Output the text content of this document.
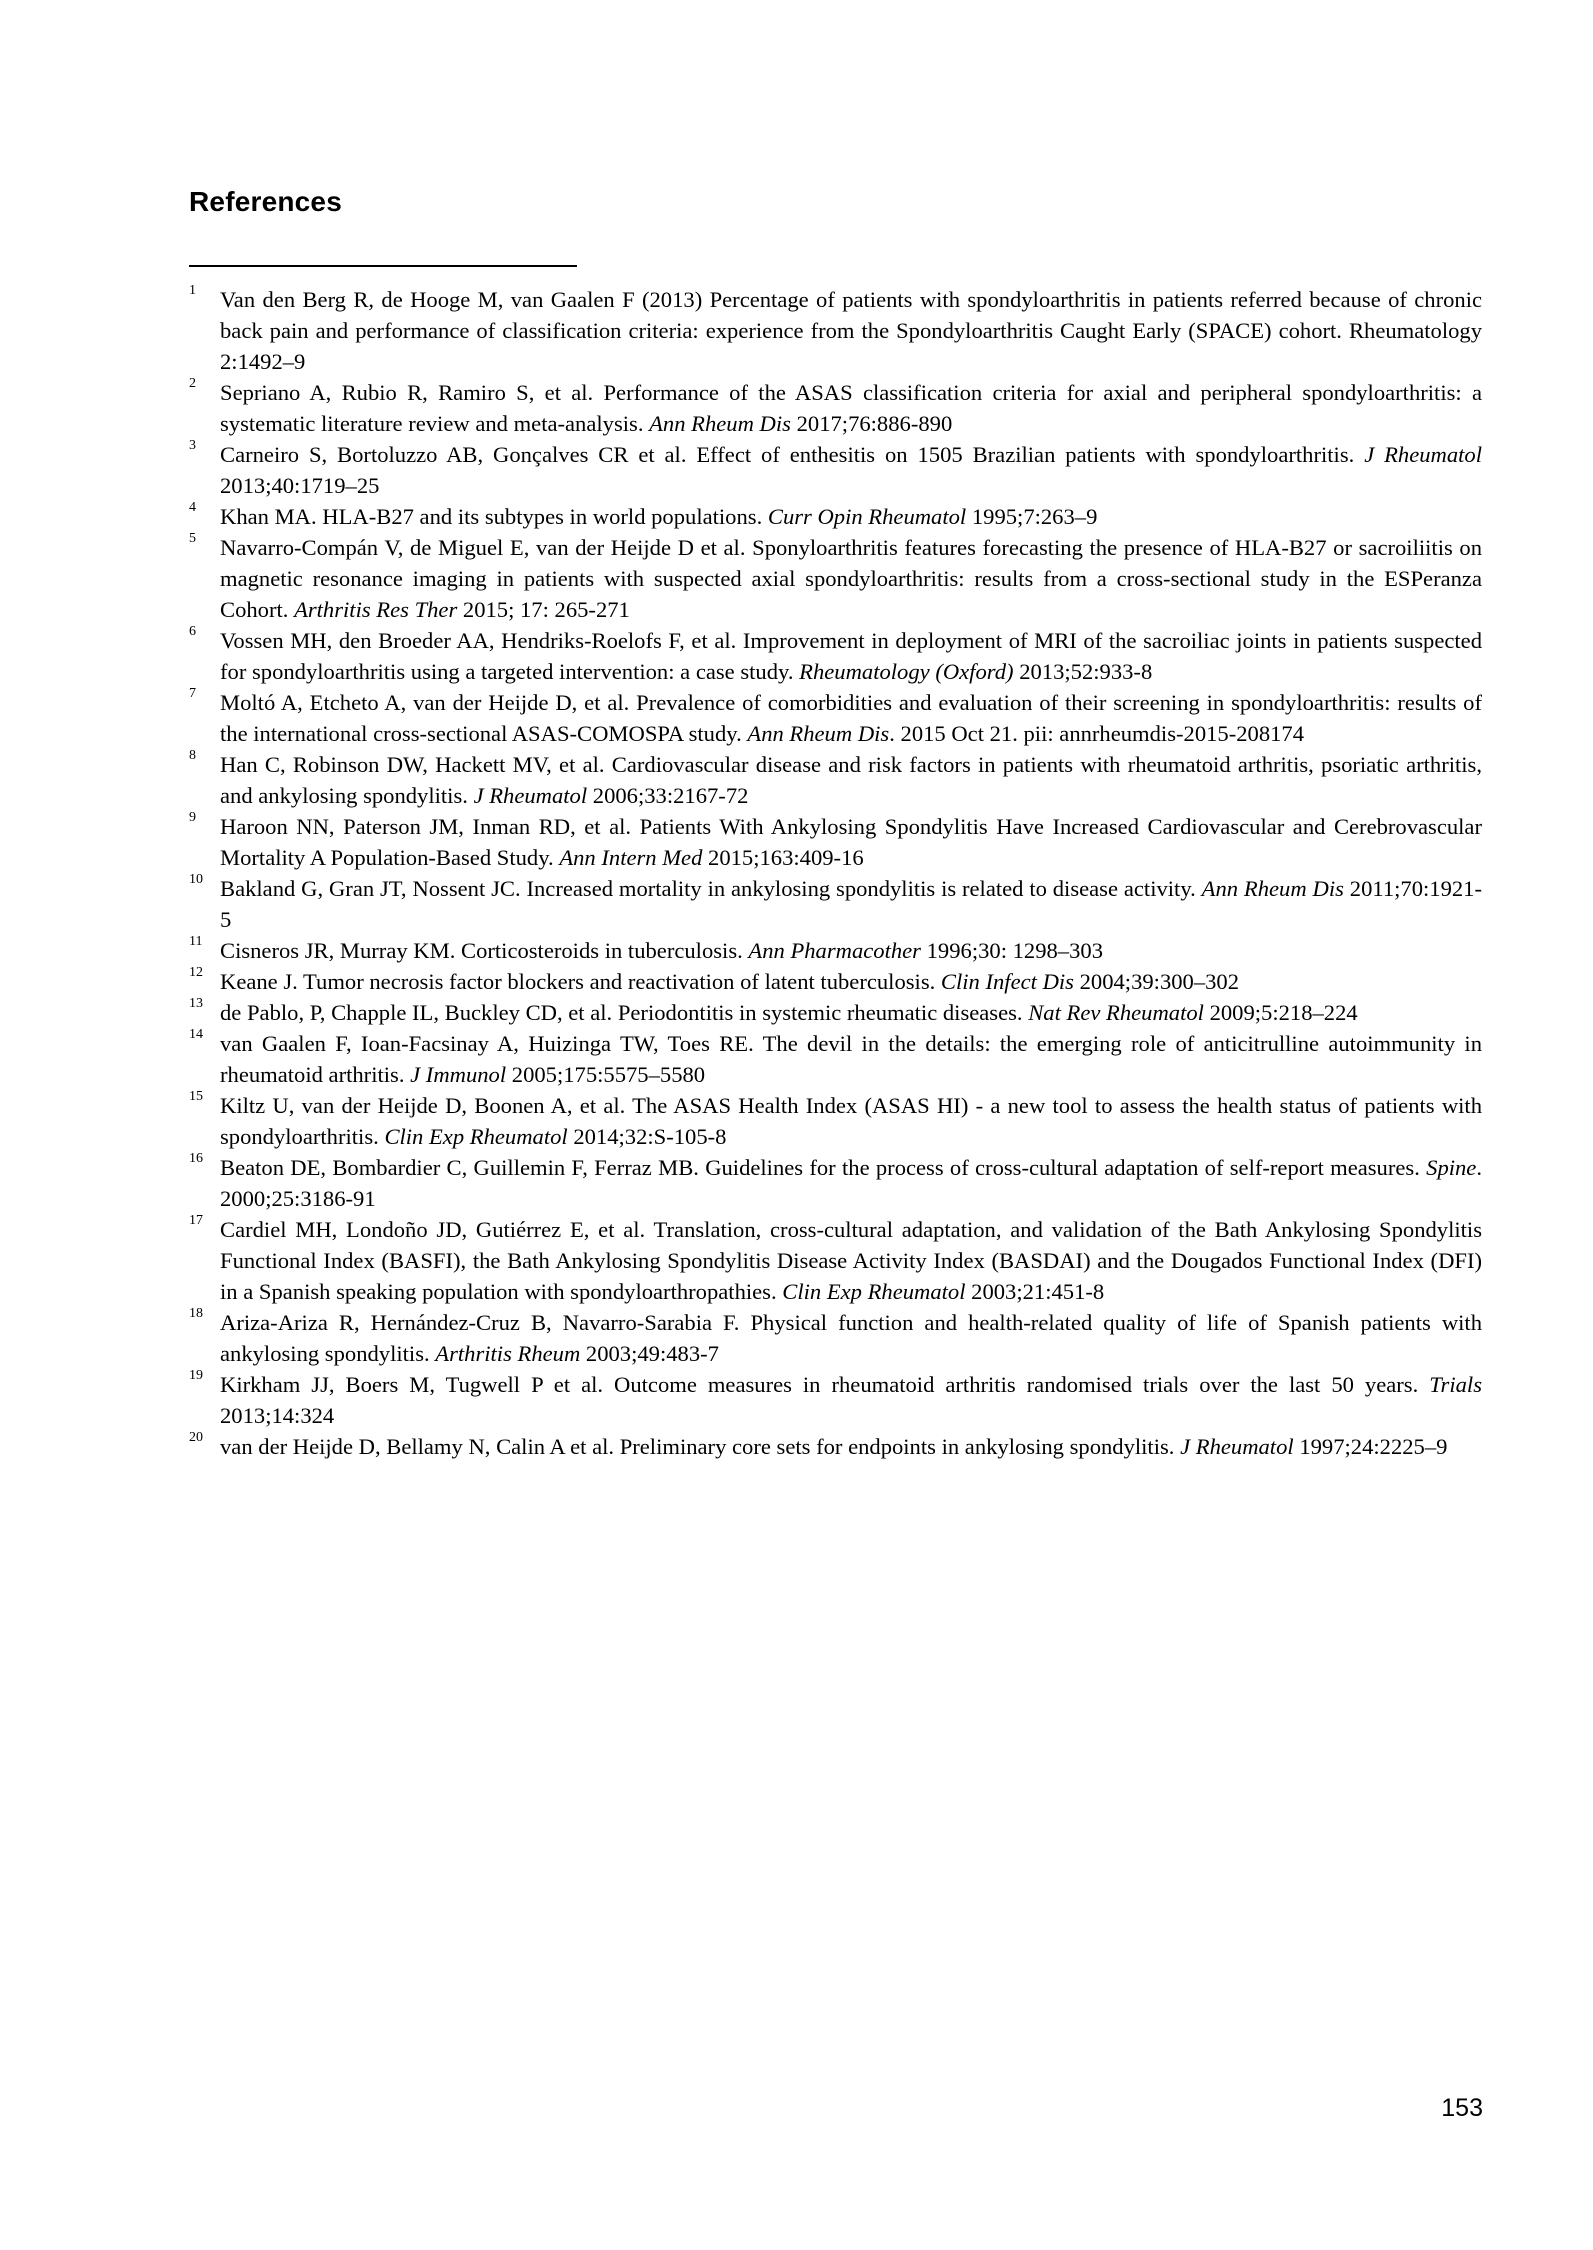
References
1 Van den Berg R, de Hooge M, van Gaalen F (2013) Percentage of patients with spondyloarthritis in patients referred because of chronic back pain and performance of classification criteria: experience from the Spondyloarthritis Caught Early (SPACE) cohort. Rheumatology 2:1492–9
2 Sepriano A, Rubio R, Ramiro S, et al. Performance of the ASAS classification criteria for axial and peripheral spondyloarthritis: a systematic literature review and meta-analysis. Ann Rheum Dis 2017;76:886-890
3 Carneiro S, Bortoluzzo AB, Gonçalves CR et al. Effect of enthesitis on 1505 Brazilian patients with spondyloarthritis. J Rheumatol 2013;40:1719–25
4 Khan MA. HLA-B27 and its subtypes in world populations. Curr Opin Rheumatol 1995;7:263–9
5 Navarro-Compán V, de Miguel E, van der Heijde D et al. Sponyloarthritis features forecasting the presence of HLA-B27 or sacroiliitis on magnetic resonance imaging in patients with suspected axial spondyloarthritis: results from a cross-sectional study in the ESPeranza Cohort. Arthritis Res Ther 2015; 17: 265-271
6 Vossen MH, den Broeder AA, Hendriks-Roelofs F, et al. Improvement in deployment of MRI of the sacroiliac joints in patients suspected for spondyloarthritis using a targeted intervention: a case study. Rheumatology (Oxford) 2013;52:933-8
7 Moltó A, Etcheto A, van der Heijde D, et al. Prevalence of comorbidities and evaluation of their screening in spondyloarthritis: results of the international cross-sectional ASAS-COMOSPA study. Ann Rheum Dis. 2015 Oct 21. pii: annrheumdis-2015-208174
8 Han C, Robinson DW, Hackett MV, et al. Cardiovascular disease and risk factors in patients with rheumatoid arthritis, psoriatic arthritis, and ankylosing spondylitis. J Rheumatol 2006;33:2167-72
9 Haroon NN, Paterson JM, Inman RD, et al. Patients With Ankylosing Spondylitis Have Increased Cardiovascular and Cerebrovascular Mortality A Population-Based Study. Ann Intern Med 2015;163:409-16
10 Bakland G, Gran JT, Nossent JC. Increased mortality in ankylosing spondylitis is related to disease activity. Ann Rheum Dis 2011;70:1921-5
11 Cisneros JR, Murray KM. Corticosteroids in tuberculosis. Ann Pharmacother 1996;30: 1298–303
12 Keane J. Tumor necrosis factor blockers and reactivation of latent tuberculosis. Clin Infect Dis 2004;39:300–302
13 de Pablo, P, Chapple IL, Buckley CD, et al. Periodontitis in systemic rheumatic diseases. Nat Rev Rheumatol 2009;5:218–224
14 van Gaalen F, Ioan-Facsinay A, Huizinga TW, Toes RE. The devil in the details: the emerging role of anticitrulline autoimmunity in rheumatoid arthritis. J Immunol 2005;175:5575–5580
15 Kiltz U, van der Heijde D, Boonen A, et al. The ASAS Health Index (ASAS HI) - a new tool to assess the health status of patients with spondyloarthritis. Clin Exp Rheumatol 2014;32:S-105-8
16 Beaton DE, Bombardier C, Guillemin F, Ferraz MB. Guidelines for the process of cross-cultural adaptation of self-report measures. Spine. 2000;25:3186-91
17 Cardiel MH, Londoño JD, Gutiérrez E, et al. Translation, cross-cultural adaptation, and validation of the Bath Ankylosing Spondylitis Functional Index (BASFI), the Bath Ankylosing Spondylitis Disease Activity Index (BASDAI) and the Dougados Functional Index (DFI) in a Spanish speaking population with spondyloarthropathies. Clin Exp Rheumatol 2003;21:451-8
18 Ariza-Ariza R, Hernández-Cruz B, Navarro-Sarabia F. Physical function and health-related quality of life of Spanish patients with ankylosing spondylitis. Arthritis Rheum 2003;49:483-7
19 Kirkham JJ, Boers M, Tugwell P et al. Outcome measures in rheumatoid arthritis randomised trials over the last 50 years. Trials 2013;14:324
20 van der Heijde D, Bellamy N, Calin A et al. Preliminary core sets for endpoints in ankylosing spondylitis. J Rheumatol 1997;24:2225–9
153
